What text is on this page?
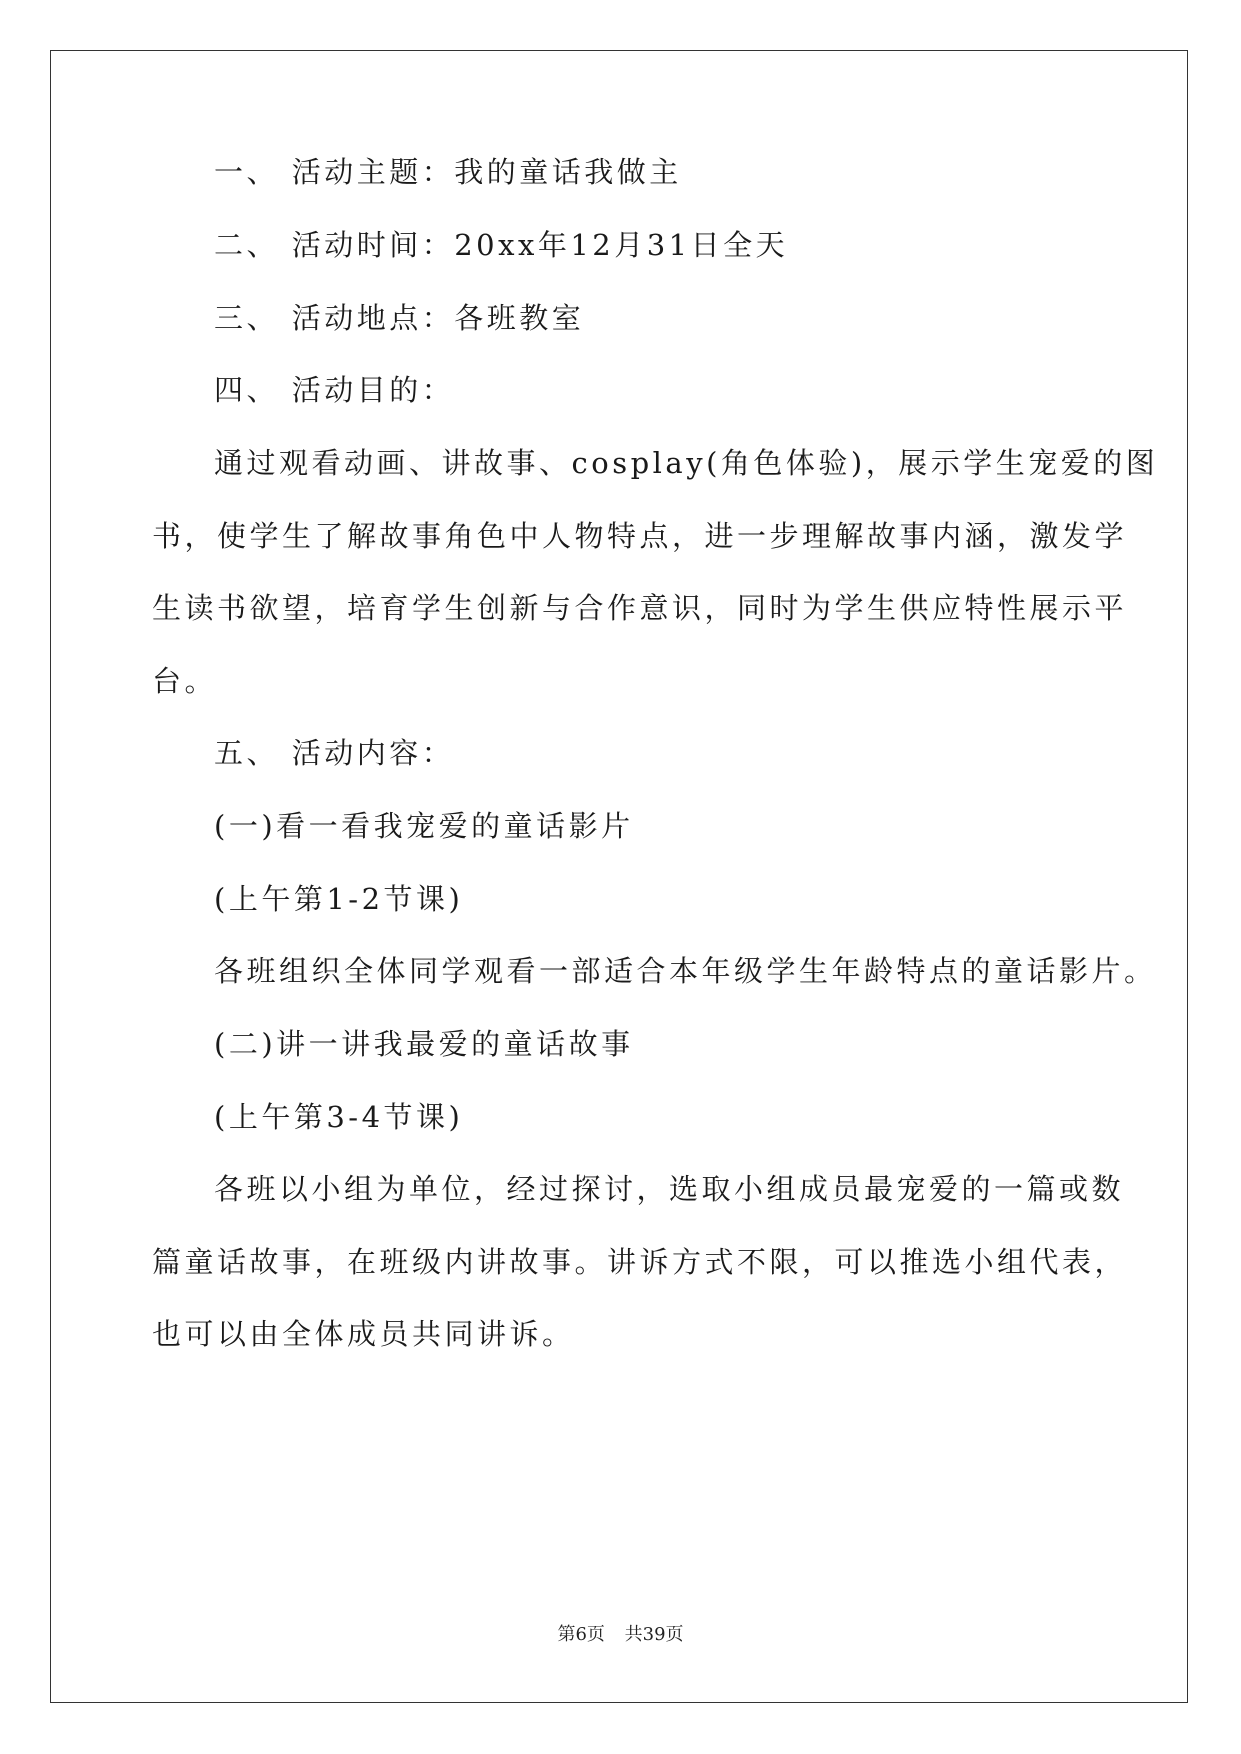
一、 活动主题：我的童话我做主
二、 活动时间：20xx年12月31日全天
三、 活动地点：各班教室
四、 活动目的：
通过观看动画、讲故事、cosplay(角色体验)，展示学生宠爱的图
书，使学生了解故事角色中人物特点，进一步理解故事内涵，激发学
生读书欲望，培育学生创新与合作意识，同时为学生供应特性展示平
台。
五、 活动内容：
(一)看一看我宠爱的童话影片
(上午第1-2节课)
各班组织全体同学观看一部适合本年级学生年龄特点的童话影片。
(二)讲一讲我最爱的童话故事
(上午第3-4节课)
各班以小组为单位，经过探讨，选取小组成员最宠爱的一篇或数
篇童话故事，在班级内讲故事。讲诉方式不限，可以推选小组代表，
也可以由全体成员共同讲诉。
第6页 共39页
